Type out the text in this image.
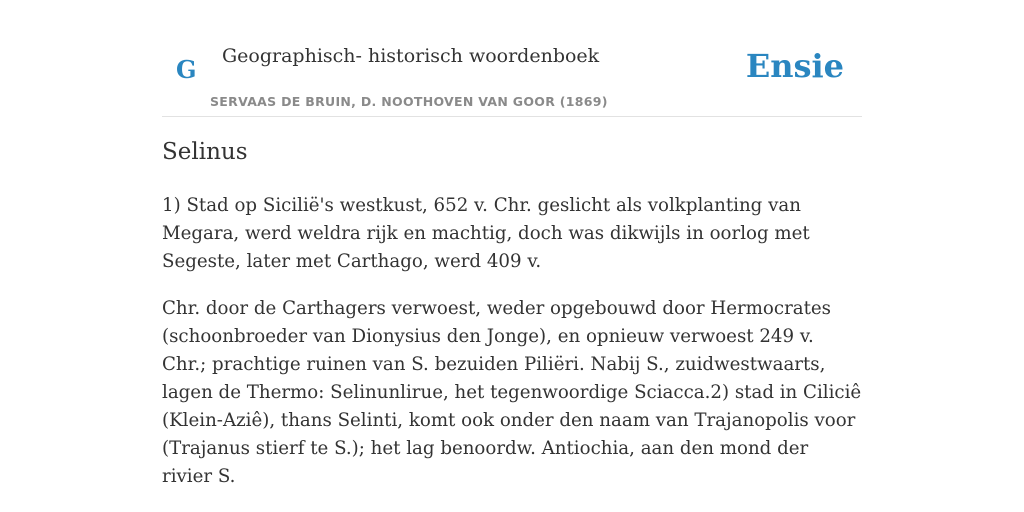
G Geographisch- historisch woordenboek
SERVAAS DE BRUIN, D. NOOTHOVEN VAN GOOR (1869)
Ensie
Selinus

1) Stad op Sicilië's westkust, 652 v. Chr. geslicht als volkplanting van Megara, werd weldra rijk en machtig, doch was dikwijls in oorlog met Segeste, later met Carthago, werd 409 v.

Chr. door de Carthagers verwoest, weder opgebouwd door Hermocrates (schoonbroeder van Dionysius den Jonge), en opnieuw verwoest 249 v. Chr.; prachtige ruinen van S. bezuiden Piliëri. Nabij S., zuidwestwaarts, lagen de Thermo: Selinunlirue, het tegenwoordige Sciacca.2) stad in Ciliciê (Klein-Aziê), thans Selinti, komt ook onder den naam van Trajanopolis voor (Trajanus stierf te S.); het lag benoordw. Antiochia, aan den mond der rivier S.
